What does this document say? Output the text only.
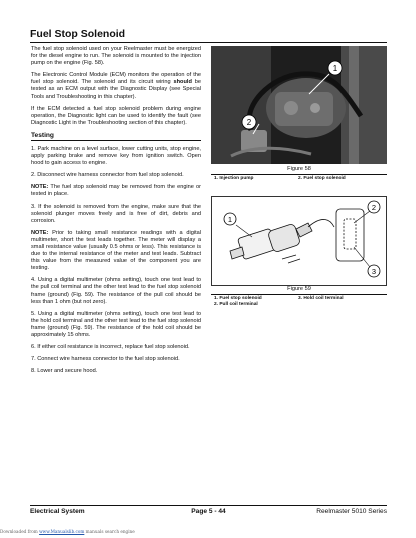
Fuel Stop Solenoid

The fuel stop solenoid used on your Reelmaster must be energized for the diesel engine to run. The solenoid is mounted to the injection pump on the engine (Fig. 58).

The Electronic Control Module (ECM) monitors the operation of the fuel stop solenoid. The solenoid and its circuit wiring should be tested as an ECM output with the Diagnostic Display (see Special Tools and Troubleshooting in this chapter).

If the ECM detected a fuel stop solenoid problem during engine operation, the Diagnostic light can be used to identify the fault (see Diagnostic Light in the Troubleshooting section of this chapter).

Testing

1. Park machine on a level surface, lower cutting units, stop engine, apply parking brake and remove key from ignition switch. Open hood to gain access to engine.

2. Disconnect wire harness connector from fuel stop solenoid.

NOTE: The fuel stop solenoid may be removed from the engine or tested in place.

3. If the solenoid is removed from the engine, make sure that the solenoid plunger moves freely and is free of dirt, debris and corrosion.

NOTE: Prior to taking small resistance readings with a digital multimeter, short the test leads together. The meter will display a small resistance value (usually 0.5 ohms or less). This resistance is due to the internal resistance of the meter and test leads. Subtract this value from the measured value of the component you are testing.

4. Using a digital multimeter (ohms setting), touch one test lead to the pull coil terminal and the other test lead to the fuel stop solenoid frame (ground) (Fig. 59). The resistance of the pull coil should be less than 1 ohm (but not zero).

5. Using a digital multimeter (ohms setting), touch one test lead to the hold coil terminal and the other test lead to the fuel stop solenoid frame (ground) (Fig. 59). The resistance of the hold coil should be approximately 15 ohms.

6. If either coil resistance is incorrect, replace fuel stop solenoid.

7. Connect wire harness connector to the fuel stop solenoid.

8. Lower and secure hood.

1
2
Figure 58
1. Injection pump	2. Fuel stop solenoid
1
2
3
Figure 59
1. Fuel stop solenoid	3. Hold coil terminal
2. Pull coil terminal
Electrical System	Page 5 - 44	Reelmaster 5010 Series
Downloaded from www.Manualslib.com manuals search engine
